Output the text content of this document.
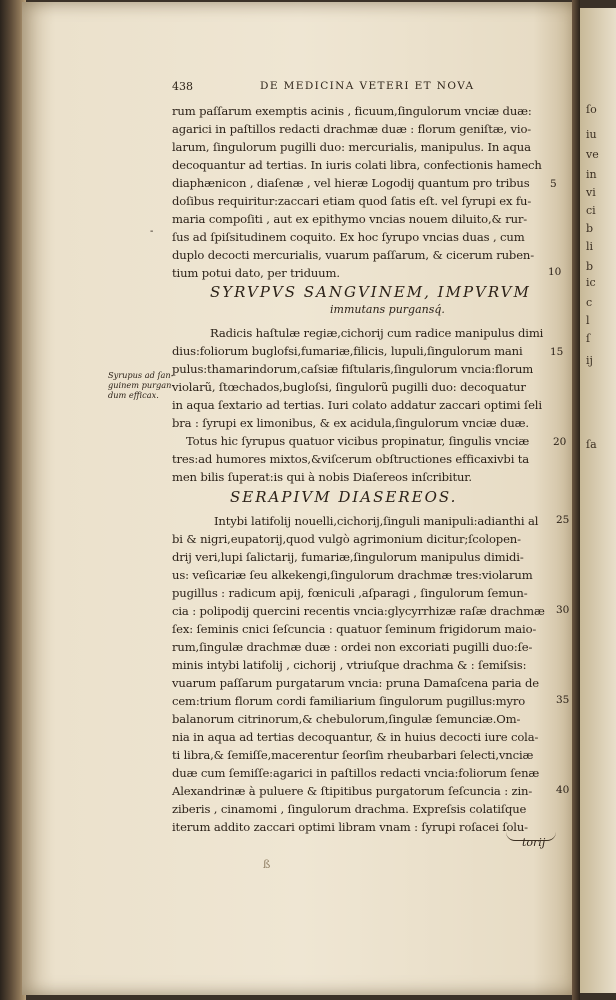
ſo
iu
ve
in
vi
ci
b
li
b
ic
c
l
ſ
ij
ſa
438	DE MEDICINA VETERI ET NOVA
rum paſſarum exemptis acinis , ficuum,ſingulorum vnciæ duæ:
agarici in paſtillos redacti drachmæ duæ : florum geniſtæ, vio-
larum, ſingulorum pugilli duo: mercurialis, manipulus. In aqua
decoquantur ad tertias. In iuris colati libra, confectionis hamech
diaphænicon , diaſenæ , vel hieræ Logodij quantum pro tribus
doſibus requiritur:zaccari etiam quod ſatis eſt. vel ſyrupi ex fu-
maria compoſiti , aut ex epithymo vncias nouem diluito,& rur-
ſus ad ſpiſsitudinem coquito. Ex hoc ſyrupo vncias duas , cum
duplo decocti mercurialis, vuarum paſſarum, & cicerum ruben-
tium potui dato, per triduum.
-
SYRVPVS SANGVINEM, IMPVRVM
immutans purgansq́.
Radicis haſtulæ regiæ,cichorij cum radice manipulus dimi
dius:foliorum buglofsi,fumariæ,filicis, lupuli,ſingulorum mani
pulus:thamarindorum,caſsiæ fiſtularis,ſingulorum vncia:florum
violarũ, ſtœchados,bugloſsi, ſingulorũ pugilli duo: decoquatur
in aqua ſextario ad tertias. Iuri colato addatur zaccari optimi ſeli
bra : ſyrupi ex limonibus, & ex acidula,ſingulorum vnciæ duæ.
Totus hic ſyrupus quatuor vicibus propinatur, ſingulis vnciæ
tres:ad humores mixtos,&viſcerum obſtructiones efficaxivbi ta
men bilis ſuperat:is qui à nobis Diaſereos inſcribitur.
Syrupus ad ſan-
guinem purgan-
dum efficax.
SERAPIVM DIASEREOS.
Intybi latifolij nouelli,cichorij,ſinguli manipuli:adianthi al
bi & nigri,eupatorij,quod vulgò agrimonium dicitur;ſcolopen-
drij veri,lupi ſalictarij, fumariæ,ſingulorum manipulus dimidi-
us: veſicariæ ſeu alkekengi,ſingulorum drachmæ tres:violarum
pugillus : radicum apij, fœniculi ,aſparagi , ſingulorum ſemun-
cia : polipodij quercini recentis vncia:glycyrrhizæ raſæ drachmæ
ſex: ſeminis cnici ſeſcuncia : quatuor ſeminum frigidorum maio-
rum,ſingulæ drachmæ duæ : ordei non excoriati pugilli duo:ſe-
minis intybi latifolij , cichorij , vtriuſque drachma & : ſemiſsis:
vuarum paſſarum purgatarum vncia: pruna Damaſcena paria de
cem:trium florum cordi familiarium ſingulorum pugillus:myro
balanorum citrinorum,& chebulorum,ſingulæ ſemunciæ.Om-
nia in aqua ad tertias decoquantur, & in huius decocti iure cola-
ti libra,& ſemiſſe,macerentur ſeorſim rheubarbari ſelecti,vnciæ
duæ cum ſemiſſe:agarici in paſtillos redacti vncia:foliorum ſenæ
Alexandrinæ à puluere & ſtipitibus purgatorum ſeſcuncia : zin-
ziberis , cinamomi , ſingulorum drachma. Expreſsis colatiſque
iterum addito zaccari optimi libram vnam : ſyrupi roſacei ſolu-
torij
ß
5
10
15
20
25
30
35
40
